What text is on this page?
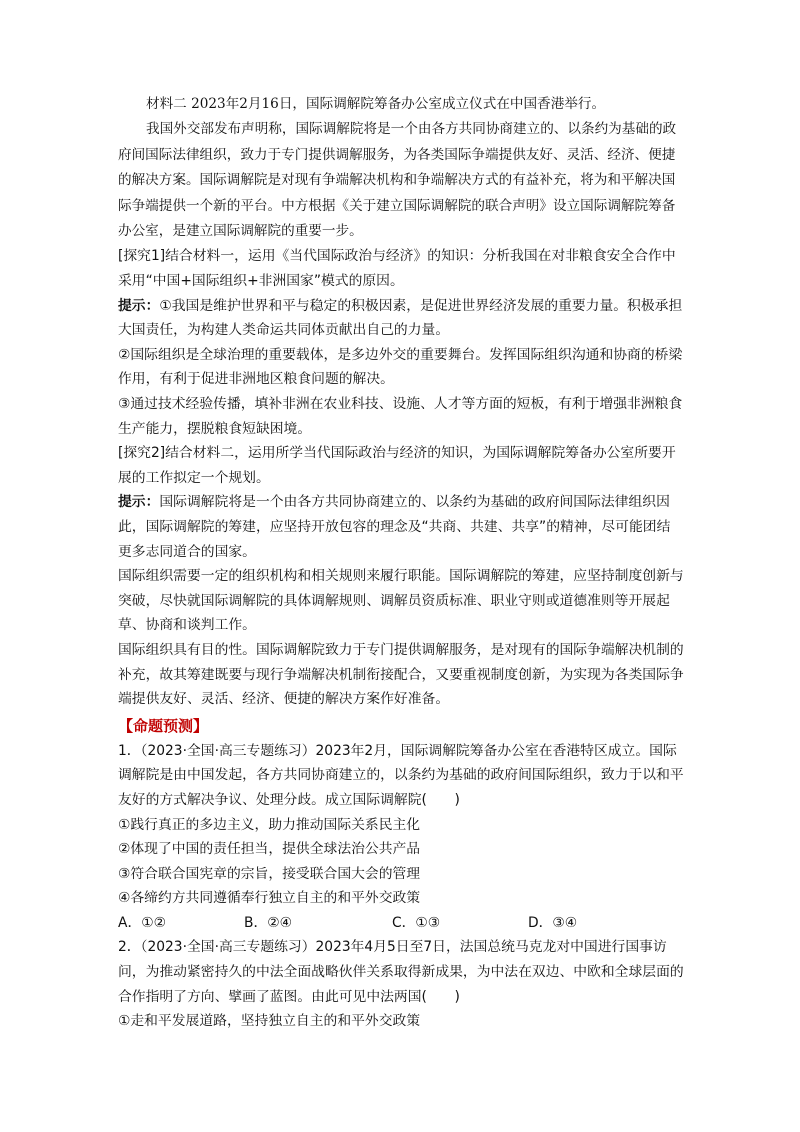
材料二 2023年2月16日，国际调解院筹备办公室成立仪式在中国香港举行。
我国外交部发布声明称，国际调解院将是一个由各方共同协商建立的、以条约为基础的政府间国际法律组织，致力于专门提供调解服务，为各类国际争端提供友好、灵活、经济、便捷的解决方案。国际调解院是对现有争端解决机构和争端解决方式的有益补充，将为和平解决国际争端提供一个新的平台。中方根据《关于建立国际调解院的联合声明》设立国际调解院筹备办公室，是建立国际调解院的重要一步。
[探究1]结合材料一，运用《当代国际政治与经济》的知识：分析我国在对非粮食安全合作中采用“中国+国际组织+非洲国家”模式的原因。
提示：①我国是维护世界和平与稳定的积极因素，是促进世界经济发展的重要力量。积极承担大国责任，为构建人类命运共同体贡献出自己的力量。
②国际组织是全球治理的重要载体，是多边外交的重要舞台。发挥国际组织沟通和协商的桥梁作用，有利于促进非洲地区粮食问题的解决。
③通过技术经验传播，填补非洲在农业科技、设施、人才等方面的短板，有利于增强非洲粮食生产能力，摆脱粮食短缺困境。
[探究2]结合材料二，运用所学当代国际政治与经济的知识，为国际调解院筹备办公室所要开展的工作拟定一个规划。
提示：国际调解院将是一个由各方共同协商建立的、以条约为基础的政府间国际法律组织因此，国际调解院的筹建，应坚持开放包容的理念及“共商、共建、共享”的精神，尽可能团结更多志同道合的国家。
国际组织需要一定的组织机构和相关规则来履行职能。国际调解院的筹建，应坚持制度创新与突破，尽快就国际调解院的具体调解规则、调解员资质标准、职业守则或道德准则等开展起草、协商和谈判工作。
国际组织具有目的性。国际调解院致力于专门提供调解服务，是对现有的国际争端解决机制的补充，故其筹建既要与现行争端解决机制衔接配合，又要重视制度创新，为实现为各类国际争端提供友好、灵活、经济、便捷的解决方案作好准备。
【命题预测】
1．（2023·全国·高三专题练习）2023年2月，国际调解院筹备办公室在香港特区成立。国际调解院是由中国发起，各方共同协商建立的，以条约为基础的政府间国际组织，致力于以和平友好的方式解决争议、处理分歧。成立国际调解院(　　)
①践行真正的多边主义，助力推动国际关系民主化
②体现了中国的责任担当，提供全球法治公共产品
③符合联合国宪章的宗旨，接受联合国大会的管理
④各缔约方共同遵循奉行独立自主的和平外交政策
A．①②	B．②④	C．①③	D．③④
2．（2023·全国·高三专题练习）2023年4月5日至7日，法国总统马克龙对中国进行国事访问，为推动紧密持久的中法全面战略伙伴关系取得新成果，为中法在双边、中欧和全球层面的合作指明了方向、擘画了蓝图。由此可见中法两国(　　)
①走和平发展道路，坚持独立自主的和平外交政策
